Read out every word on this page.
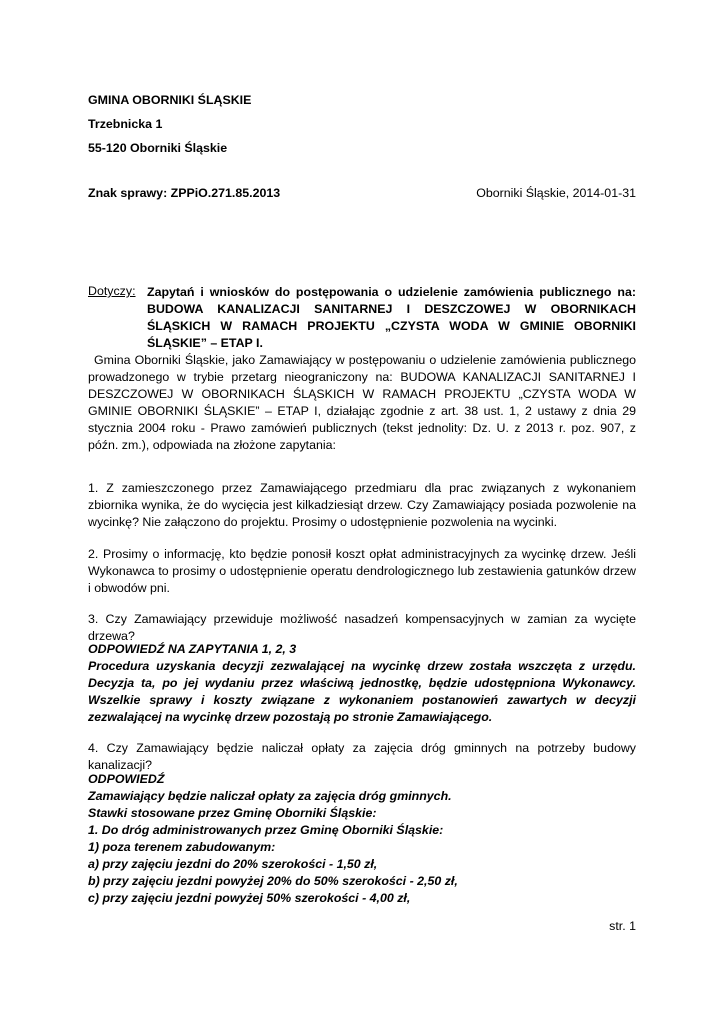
GMINA OBORNIKI ŚLĄSKIE
Trzebnicka 1
55-120 Oborniki Śląskie
Znak sprawy: ZPPiO.271.85.2013	Oborniki Śląskie, 2014-01-31
Dotyczy: Zapytań i wniosków do postępowania o udzielenie zamówienia publicznego na: BUDOWA KANALIZACJI SANITARNEJ I DESZCZOWEJ W OBORNIKACH ŚLĄSKICH W RAMACH PROJEKTU „CZYSTA WODA W GMINIE OBORNIKI ŚLĄSKIE” – ETAP I.
Gmina Oborniki Śląskie, jako Zamawiający w postępowaniu o udzielenie zamówienia publicznego prowadzonego w trybie przetarg nieograniczony na: BUDOWA KANALIZACJI SANITARNEJ I DESZCZOWEJ W OBORNIKACH ŚLĄSKICH W RAMACH PROJEKTU „CZYSTA WODA W GMINIE OBORNIKI ŚLĄSKIE” – ETAP I, działając zgodnie z art. 38 ust. 1, 2 ustawy z dnia 29 stycznia 2004 roku - Prawo zamówień publicznych (tekst jednolity: Dz. U. z 2013 r. poz. 907, z późn. zm.), odpowiada na złożone zapytania:
1. Z zamieszczonego przez Zamawiającego przedmiaru dla prac związanych z wykonaniem zbiornika wynika, że do wycięcia jest kilkadziesiąt drzew. Czy Zamawiający posiada pozwolenie na wycinkę? Nie załączono do projektu. Prosimy o udostępnienie pozwolenia na wycinki.
2. Prosimy o informację, kto będzie ponosił koszt opłat administracyjnych za wycinkę drzew. Jeśli Wykonawca to prosimy o udostępnienie operatu dendrologicznego lub zestawienia gatunków drzew i obwodów pni.
3. Czy Zamawiający przewiduje możliwość nasadzeń kompensacyjnych w zamian za wycięte drzewa?
ODPOWIEDŹ NA ZAPYTANIA 1, 2, 3
Procedura uzyskania decyzji zezwalającej na wycinkę drzew została wszczęta z urzędu. Decyzja ta, po jej wydaniu przez właściwą jednostkę, będzie udostępniona Wykonawcy. Wszelkie sprawy i koszty związane z wykonaniem postanowień zawartych w decyzji zezwalającej na wycinkę drzew pozostają po stronie Zamawiającego.
4. Czy Zamawiający będzie naliczał opłaty za zajęcia dróg gminnych na potrzeby budowy kanalizacji?
ODPOWIEDŹ
Zamawiający będzie naliczał opłaty za zajęcia dróg gminnych.
Stawki stosowane przez Gminę Oborniki Śląskie:
1. Do dróg administrowanych przez Gminę Oborniki Śląskie:
1) poza terenem zabudowanym:
a) przy zajęciu jezdni do 20% szerokości - 1,50 zł,
b) przy zajęciu jezdni powyżej 20% do 50% szerokości - 2,50 zł,
c) przy zajęciu jezdni powyżej 50% szerokości - 4,00 zł,
str. 1
